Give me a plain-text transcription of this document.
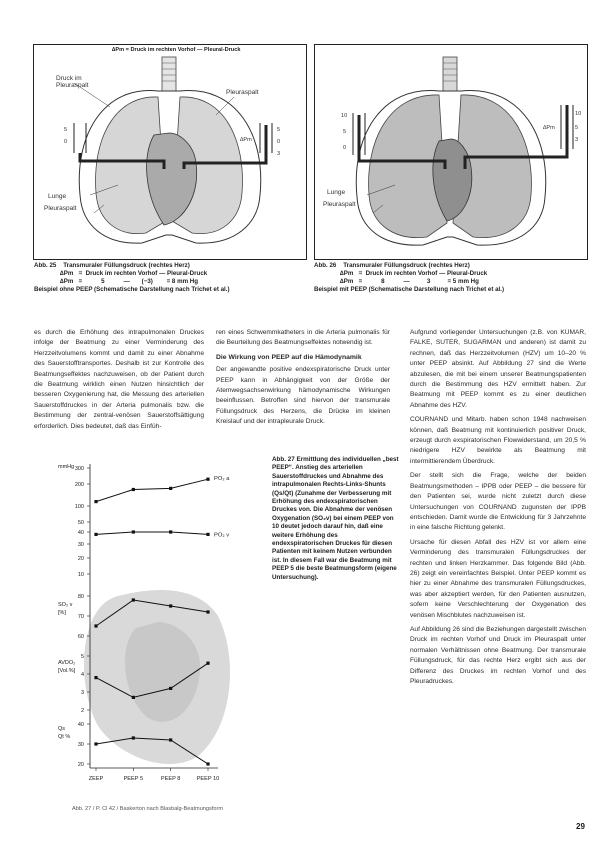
∆Pm = Druck im rechten Vorhof — Pleural-Druck
Druck im Pleuraspalt
Pleuraspalt
Lunge
Pleuraspalt
5
0
5
0
3
∆Pm
Abb. 25    Transmuraler Füllungsdruck (rechtes Herz)
∆Pm   =  Druck im rechten Vorhof — Pleural-Druck
∆Pm   =           5           —       (−3)        = 8 mm Hg
Beispiel ohne PEEP (Schematische Darstellung nach Trichet et al.)
Lunge
Pleuraspalt
10
5
0
10
5
3
∆Pm
Abb. 26    Transmuraler Füllungsdruck (rechtes Herz)
∆Pm   =  Druck im rechten Vorhof — Pleural-Druck
∆Pm   =           8           —          3          = 5 mm Hg
Beispiel mit PEEP (Schematische Darstellung nach Trichet et al.)

es durch die Erhöhung des intrapulmonalen Druckes infolge der Beatmung zu einer Verminderung des Herzzeitvolumens kommt und damit zu einer Abnahme des Sauerstofftransportes. Deshalb ist zur Kontrolle des Beatmungseffektes nachzuweisen, ob der Patient durch die Beatmung wirklich einen Nutzen hinsichtlich der besseren Oxygenierung hat, die Messung des arteriellen Sauerstoffdruckes in der Arteria pulmonalis bzw. die Bestimmung der zentral-venösen Sauerstoffsättigung erforderlich. Dies bedeutet, daß das Einfüh-

ren eines Schwemmkatheters in die Arteria pulmonalis für die Beurteilung des Beatmungseffektes notwendig ist.

Die Wirkung von PEEP auf die Hämodynamik

Der angewandte positive endexspiratorische Druck unter PEEP kann in Abhängigkeit von der Größe der Atemwegsachsenwirkung hämodynamische Wirkungen beeinflussen. Betroffen sind hiervon der transmurale Füllungsdruck des Herzens, die Drücke im kleinen Kreislauf und der intrapleurale Druck.

Aufgrund vorliegender Untersuchungen (z.B. von KUMAR, FALKE, SUTER, SUGARMAN und anderen) ist damit zu rechnen, daß das Herzzeitvolumen (HZV) um 10–20 % unter PEEP absinkt. Auf Abbildung 27 sind die Werte abzulesen, die mit bei einem unserer Beatmungspatienten durch die Bestimmung des HZV ermittelt haben. Zur Beatmung mit PEEP kommt es zu einer deutlichen Abnahme des HZV.

COURNAND und Mitarb. haben schon 1948 nachweisen können, daß Beatmung mit kontinuierlich positiver Druck, erzeugt durch exspiratorischen Flowwiderstand, um 20,5 % niedrigere HZV bewirkte als Beatmung mit intermittierendem Überdruck.

Der stellt sich die Frage, welche der beiden Beatmungsmethoden – IPPB oder PEEP – die bessere für den Patienten sei, wurde nicht zuletzt durch diese Untersuchungen von COURNAND zugunsten der IPPB entschieden. Damit wurde die Entwicklung für 3 Jahrzehnte in eine falsche Richtung gelenkt.

Ursache für diesen Abfall des HZV ist vor allem eine Verminderung des transmuralen Füllungsdruckes der rechten und linken Herzkammer. Das folgende Bild (Abb. 26) zeigt ein vereinfachtes Beispiel. Unter PEEP kommt es hier zu einer Abnahme des transmuralen Füllungsdruckes, was aber akzeptiert werden, für den Patienten ausnutzen, sofern keine Verschlechterung der Oxygenation des venösen Mischblutes nachzuweisen ist.

Auf Abbildung 26 sind die Beziehungen dargestellt zwischen Druck im rechten Vorhof und Druck im Pleuraspalt unter normalen Verhältnissen ohne Beatmung. Der transmurale Füllungsdruck, für das rechte Herz ergibt sich aus der Differenz des Druckes im rechten Vorhof und des Pleuradruckes.

300
200
100
50
40
30
20
10
80
70
60
5
4
3
2
40
30
20
mmHg
SO₂ v
[%]
AVDO₂
[Vol.%]
Qs
Qt %
PO₂ a
PO₂ v
ZEEP	PEEP 5	PEEP 8	PEEP 10
Abb. 27 Ermittlung des individuellen „best PEEP“. Anstieg des arteriellen Sauerstoffdruckes und Abnahme des intrapulmonalen Rechts-Links-Shunts (Qs/Qt) (Zunahme der Verbesserung mit Erhöhung des endexspiratorischen Druckes von. Die Abnahme der venösen Oxygenation (SO₂v) bei einem PEEP von 10 deutet jedoch darauf hin, daß eine weitere Erhöhung des endexspiratorischen Druckes für diesen Patienten mit keinem Nutzen verbunden ist. In diesem Fall war die Beatmung mit PEEP 5 die beste Beatmungsform (eigene Untersuchung).
Abb. 27 / P. Cl 42 / Baskerton nach Blasbalg-Beatmungsform
29
